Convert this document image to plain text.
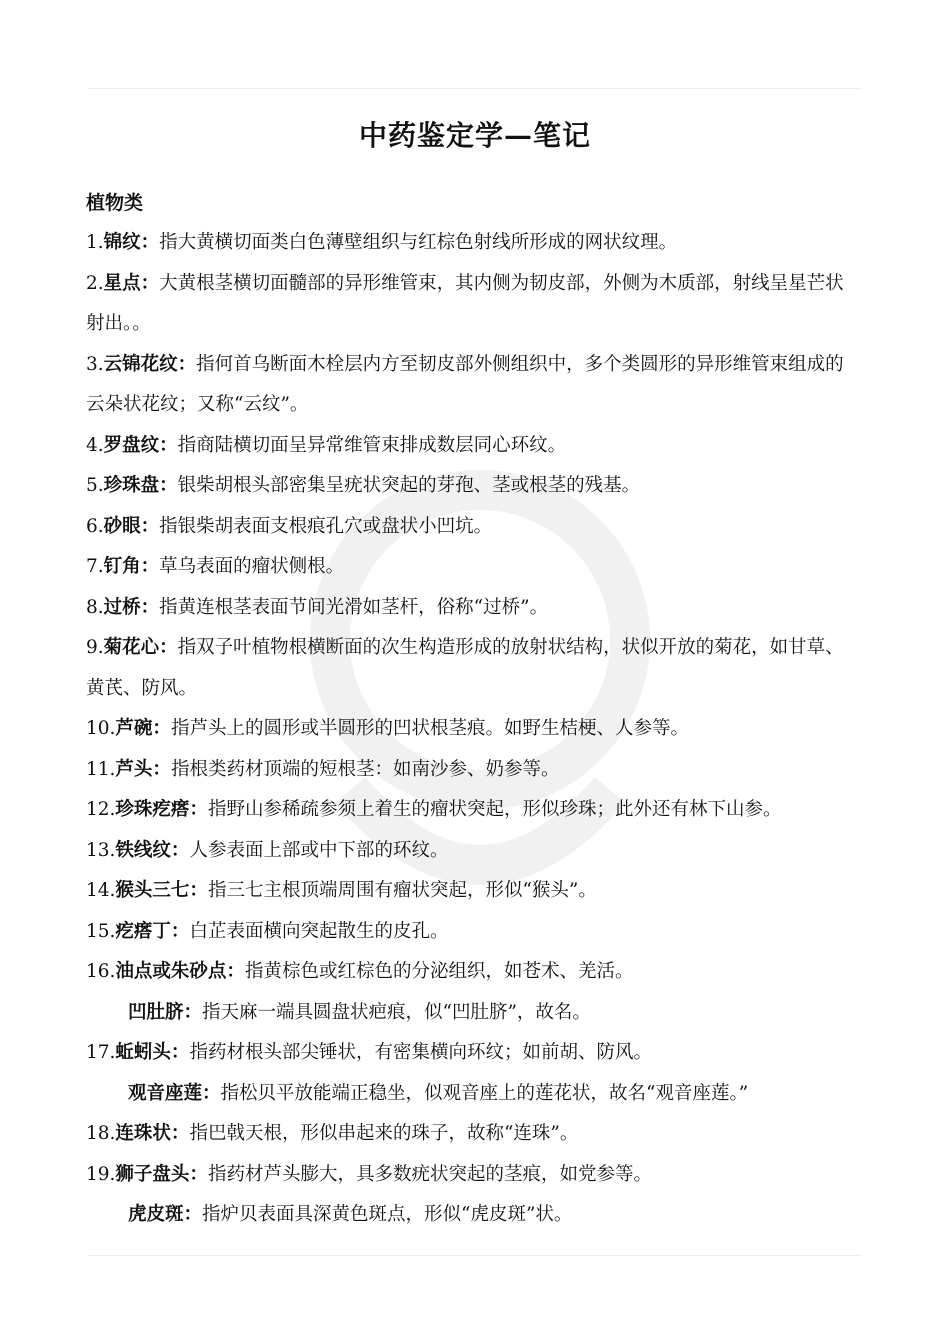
中药鉴定学—笔记

植物类

1.锦纹：指大黄横切面类白色薄壁组织与红棕色射线所形成的网状纹理。

2.星点：大黄根茎横切面髓部的异形维管束，其内侧为韧皮部，外侧为木质部，射线呈星芒状射出。。

3.云锦花纹：指何首乌断面木栓层内方至韧皮部外侧组织中，多个类圆形的异形维管束组成的云朵状花纹；又称“云纹”。

4.罗盘纹：指商陆横切面呈异常维管束排成数层同心环纹。

5.珍珠盘：银柴胡根头部密集呈疣状突起的芽孢、茎或根茎的残基。

6.砂眼：指银柴胡表面支根痕孔穴或盘状小凹坑。

7.钉角：草乌表面的瘤状侧根。

8.过桥：指黄连根茎表面节间光滑如茎杆，俗称“过桥”。

9.菊花心：指双子叶植物根横断面的次生构造形成的放射状结构，状似开放的菊花，如甘草、黄芪、防风。

10.芦碗：指芦头上的圆形或半圆形的凹状根茎痕。如野生桔梗、人参等。

11.芦头：指根类药材顶端的短根茎：如南沙参、奶参等。

12.珍珠疙瘩：指野山参稀疏参须上着生的瘤状突起，形似珍珠；此外还有林下山参。

13.铁线纹：人参表面上部或中下部的环纹。

14.猴头三七：指三七主根顶端周围有瘤状突起，形似“猴头”。

15.疙瘩丁：白芷表面横向突起散生的皮孔。

16.油点或朱砂点：指黄棕色或红棕色的分泌组织，如苍术、羌活。

凹肚脐：指天麻一端具圆盘状疤痕，似“凹肚脐”，故名。

17.蚯蚓头：指药材根头部尖锤状，有密集横向环纹；如前胡、防风。

观音座莲：指松贝平放能端正稳坐，似观音座上的莲花状，故名“观音座莲。”

18.连珠状：指巴戟天根，形似串起来的珠子，故称“连珠”。

19.狮子盘头：指药材芦头膨大，具多数疣状突起的茎痕，如党参等。

虎皮斑：指炉贝表面具深黄色斑点，形似“虎皮斑”状。
